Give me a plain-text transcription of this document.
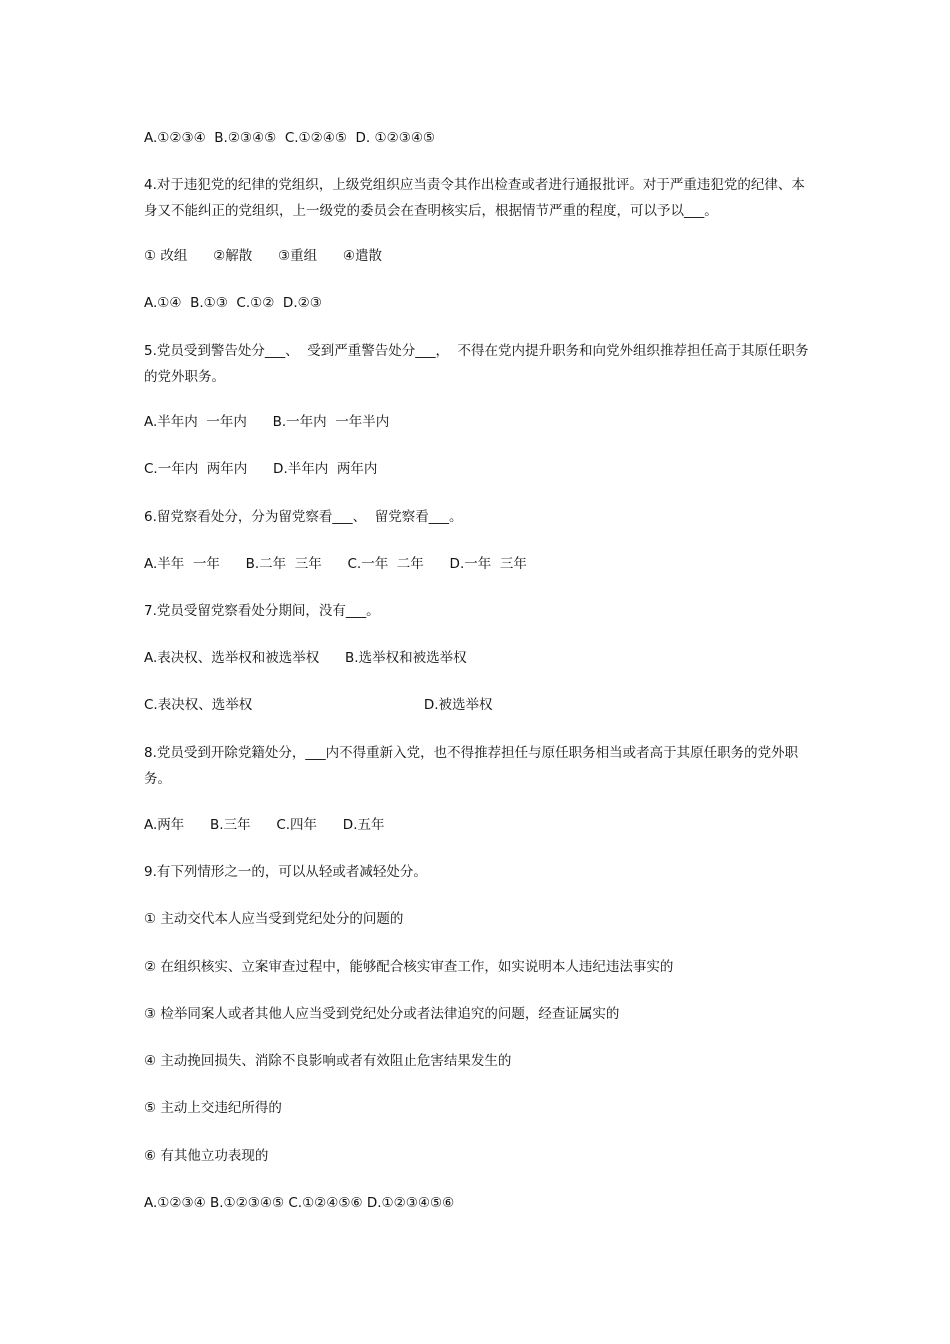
A.①②③④  B.②③④⑤  C.①②④⑤  D. ①②③④⑤

4.对于违犯党的纪律的党组织，上级党组织应当责令其作出检查或者进行通报批评。对于严重违犯党的纪律、本身又不能纠正的党组织，上一级党的委员会在查明核实后，根据情节严重的程度，可以予以___。

① 改组      ②解散      ③重组      ④遣散

A.①④  B.①③  C.①②  D.②③

5.党员受到警告处分___、  受到严重警告处分___，  不得在党内提升职务和向党外组织推荐担任高于其原任职务的党外职务。

A.半年内  一年内      B.一年内  一年半内

C.一年内  两年内      D.半年内  两年内

6.留党察看处分，分为留党察看___、  留党察看___。

A.半年  一年      B.二年  三年      C.一年  二年      D.一年  三年

7.党员受留党察看处分期间，没有___。

A.表决权、选举权和被选举权      B.选举权和被选举权

C.表决权、选举权                                        D.被选举权

8.党员受到开除党籍处分，___内不得重新入党，也不得推荐担任与原任职务相当或者高于其原任职务的党外职务。

A.两年      B.三年      C.四年      D.五年

9.有下列情形之一的，可以从轻或者减轻处分。

① 主动交代本人应当受到党纪处分的问题的

② 在组织核实、立案审查过程中，能够配合核实审查工作，如实说明本人违纪违法事实的

③ 检举同案人或者其他人应当受到党纪处分或者法律追究的问题，经查证属实的

④ 主动挽回损失、消除不良影响或者有效阻止危害结果发生的

⑤ 主动上交违纪所得的

⑥ 有其他立功表现的

A.①②③④ B.①②③④⑤ C.①②④⑤⑥ D.①②③④⑤⑥
